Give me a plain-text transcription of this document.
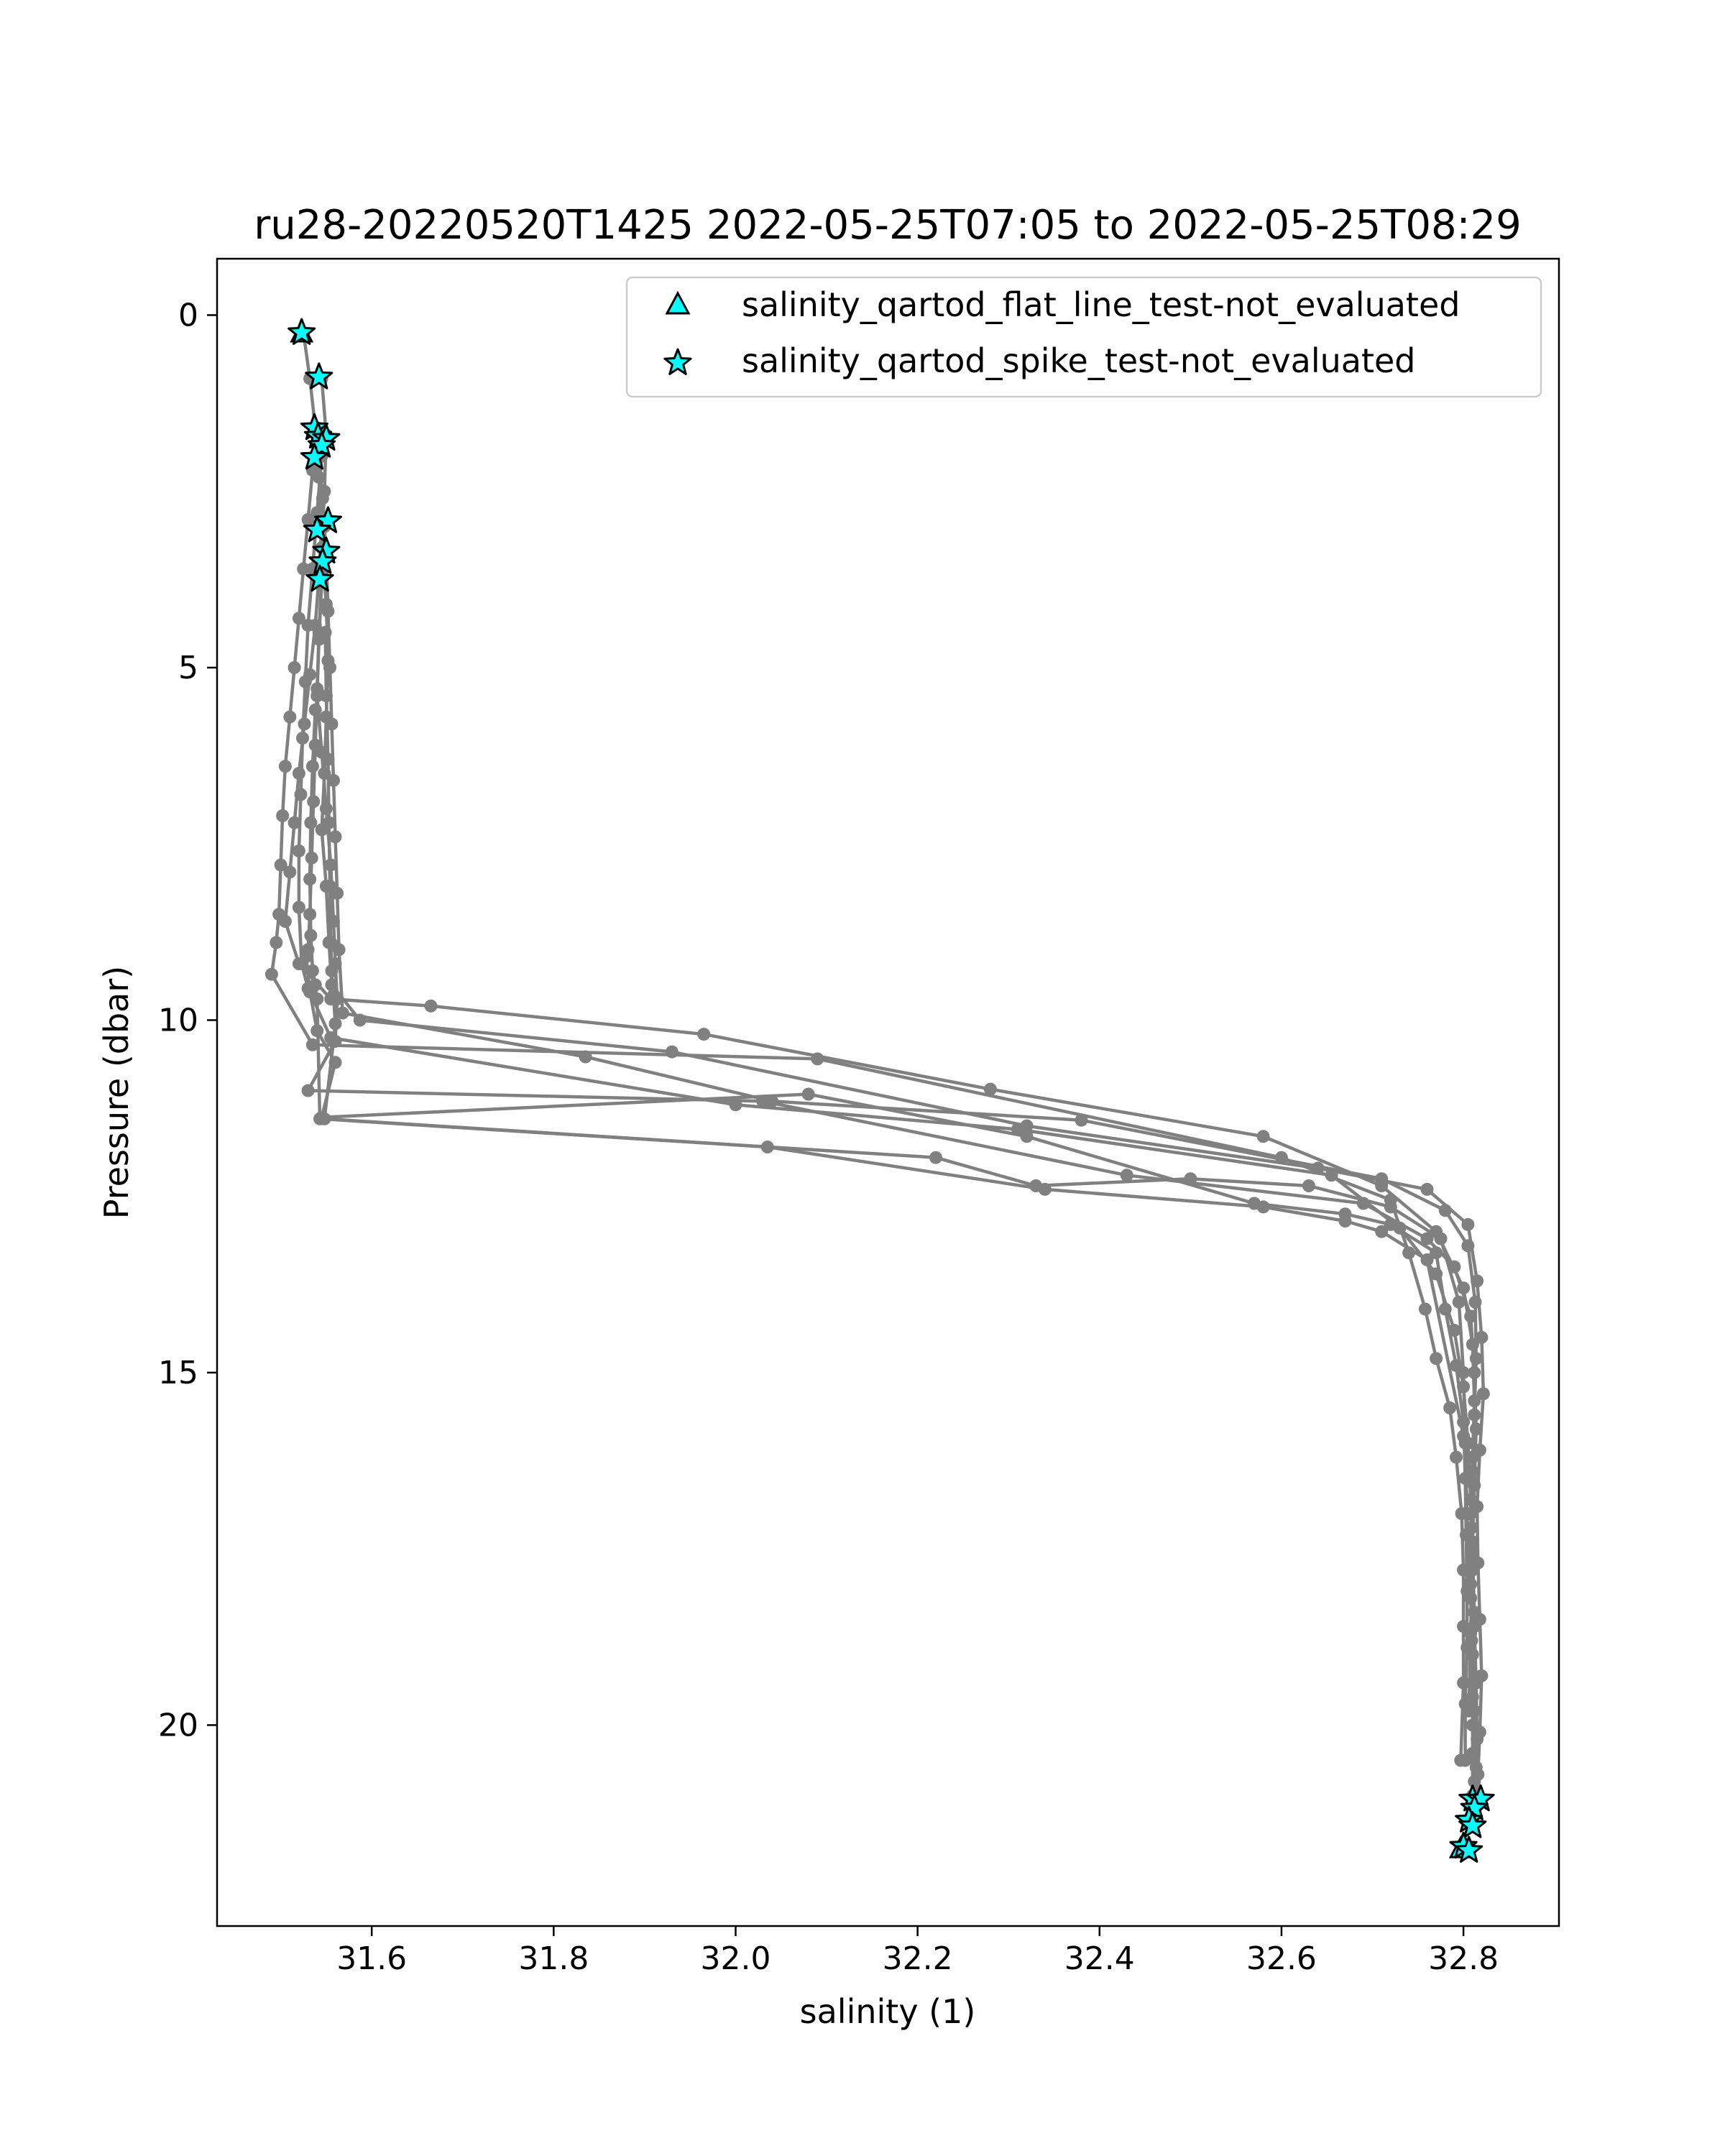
ru28-20220520T1425 2022-05-25T07:05 to 2022-05-25T08:29
31.6	31.8	32.0	32.2	32.4	32.6	32.8
0
5
10
15
20
salinity (1)
Pressure (dbar)
salinity_qartod_flat_line_test-not_evaluated
salinity_qartod_spike_test-not_evaluated
